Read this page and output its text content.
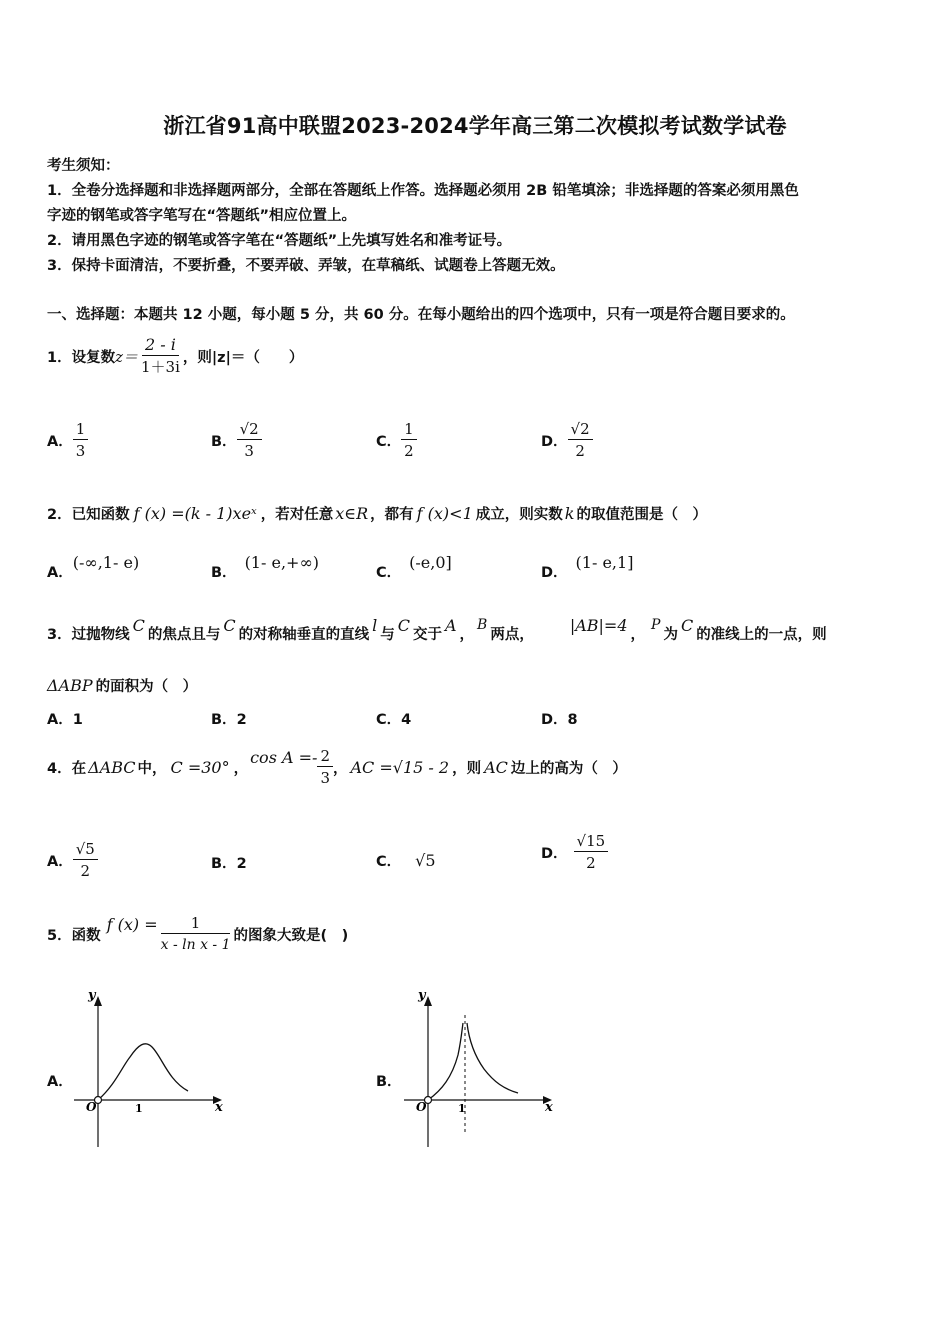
浙江省91高中联盟2023-2024学年高三第二次模拟考试数学试卷
考生须知：
1．全卷分选择题和非选择题两部分，全部在答题纸上作答。选择题必须用 2B 铅笔填涂；非选择题的答案必须用黑色
字迹的钢笔或答字笔写在“答题纸”相应位置上。
2．请用黑色字迹的钢笔或答字笔在“答题纸”上先填写姓名和准考证号。
3．保持卡面清洁，不要折叠，不要弄破、弄皱，在草稿纸、试题卷上答题无效。
一、选择题：本题共 12 小题，每小题 5 分，共 60 分。在每小题给出的四个选项中，只有一项是符合题目要求的。
1．设复数 $z= \frac{2 - i}{1+3i}$ ，则|z|＝（　　）
A． $\frac{1}{3}$	B． $\frac{√2}{3}$	C． $\frac{1}{2}$	D． $\frac{√2}{2}$
2．已知函数 f (x) =(k - 1)xeˣ ，若对任意 x∈R ，都有 f (x)<1 成立，则实数 k 的取值范围是（　）
A．
(-∞,1- e)
B．
(1- e,+∞)
C．
(-e,0]
D．
(1- e,1]
3．过抛物线 C 的焦点且与 C 的对称轴垂直的直线 l 与 C 交于 A ，
B
两点， |AB|=4 ，
P
为 C 的准线上的一点，则
ΔABP 的面积为（　）
A．1	B．2	C．4	D．8
4．在 ΔABC 中， C =30° ，
$\cos A =- \frac{2}{3}$ ， AC =√15 - 2 ，则 AC 边上的高为（　）
A． $\frac{√5}{2}$	B．2	C． √5	D． $\frac{√15}{2}$
5．函数
f $(x) = \frac{1}{\text{x - ln x - 1}}$ 的图象大致是(　)
A．
y
x
O	1
B．
y
x
O	1
